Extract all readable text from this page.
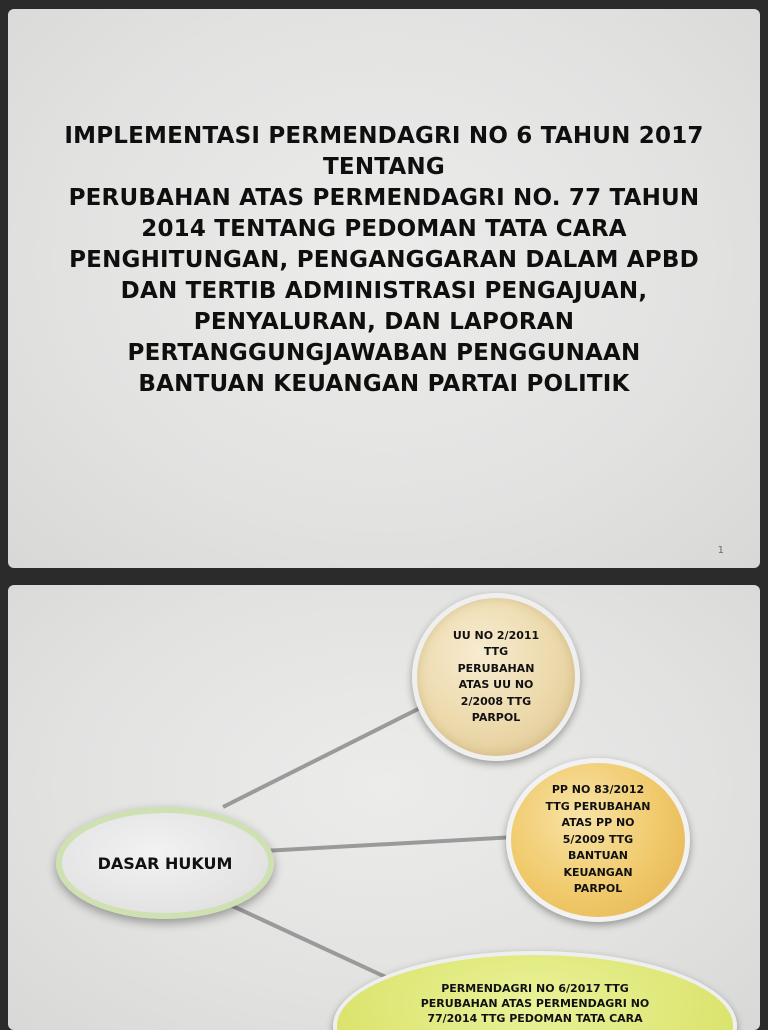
IMPLEMENTASI PERMENDAGRI NO 6 TAHUN 2017
TENTANG
PERUBAHAN ATAS PERMENDAGRI NO. 77 TAHUN
2014 TENTANG PEDOMAN TATA CARA
PENGHITUNGAN, PENGANGGARAN DALAM APBD
DAN TERTIB ADMINISTRASI PENGAJUAN,
PENYALURAN, DAN LAPORAN
PERTANGGUNGJAWABAN PENGGUNAAN
BANTUAN KEUANGAN PARTAI POLITIK
1
DASAR HUKUM
UU NO 2/2011
TTG
PERUBAHAN
ATAS UU NO
2/2008 TTG
PARPOL
PP NO 83/2012
TTG PERUBAHAN
ATAS PP NO
5/2009 TTG
BANTUAN
KEUANGAN
PARPOL
PERMENDAGRI NO 6/2017 TTG
PERUBAHAN ATAS PERMENDAGRI NO
77/2014 TTG PEDOMAN TATA CARA
